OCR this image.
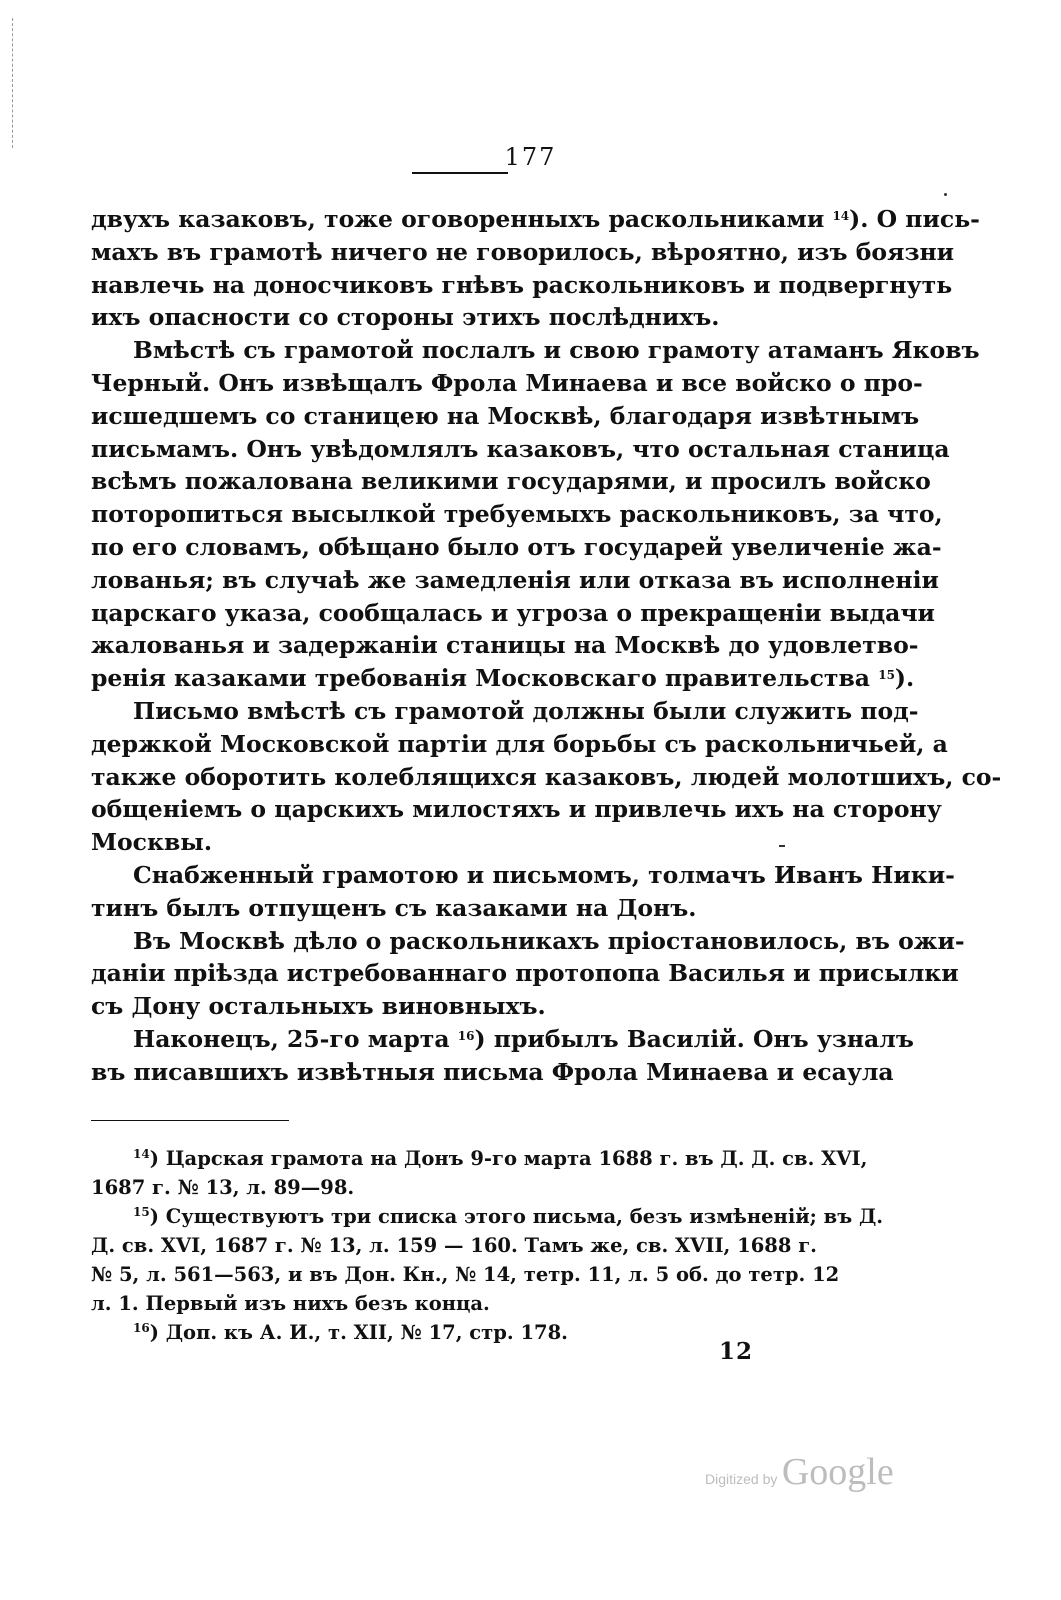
177

двухъ казаковъ, тоже оговоренныхъ раскольниками $^{14}$). О пись-
махъ въ грамотѣ ничего не говорилось, вѣроятно, изъ боязни
навлечь на доносчиковъ гнѣвъ раскольниковъ и подвергнуть
ихъ опасности со стороны этихъ послѣднихъ.

Вмѣстѣ съ грамотой послалъ и свою грамоту атаманъ Яковъ
Черный. Онъ извѣщалъ Фрола Минаева и все войско о про-
исшедшемъ со станицею на Москвѣ, благодаря извѣтнымъ
письмамъ. Онъ увѣдомлялъ казаковъ, что остальная станица
всѣмъ пожалована великими государями, и просилъ войско
поторопиться высылкой требуемыхъ раскольниковъ, за что,
по его словамъ, обѣщано было отъ государей увеличеніе жа-
лованья; въ случаѣ же замедленія или отказа въ исполненіи
царскаго указа, сообщалась и угроза о прекращеніи выдачи
жалованья и задержаніи станицы на Москвѣ до удовлетво-
ренія казаками требованія Московскаго правительства $^{15}$).

Письмо вмѣстѣ съ грамотой должны были служить под-
держкой Московской партіи для борьбы съ раскольничьей, а
также оборотить колеблящихся казаковъ, людей молотшихъ, со-
общеніемъ о царскихъ милостяхъ и привлечь ихъ на сторону
Москвы.

Снабженный грамотою и письмомъ, толмачъ Иванъ Ники-
тинъ былъ отпущенъ съ казаками на Донъ.

Въ Москвѣ дѣло о раскольникахъ пріостановилось, въ ожи-
даніи пріѣзда истребованнаго протопопа Василья и присылки
съ Дону остальныхъ виновныхъ.

Наконецъ, 25-го марта $^{16}$) прибылъ Василій. Онъ узналъ
въ писавшихъ извѣтныя письма Фрола Минаева и есаула

$^{14}$) Царская грамота на Донъ 9-го марта 1688 г. въ Д. Д. св. XVI,
1687 г. № 13, л. 89—98.
$^{15}$) Существуютъ три списка этого письма, безъ измѣненій; въ Д.
Д. св. XVI, 1687 г. № 13, л. 159 — 160. Тамъ же, св. XVII, 1688 г.
№ 5, л. 561—563, и въ Дон. Кн., № 14, тетр. 11, л. 5 об. до тетр. 12
л. 1. Первый изъ нихъ безъ конца.
$^{16}$) Доп. къ А. И., т. XII, № 17, стр. 178.
12
Digitized by Google
